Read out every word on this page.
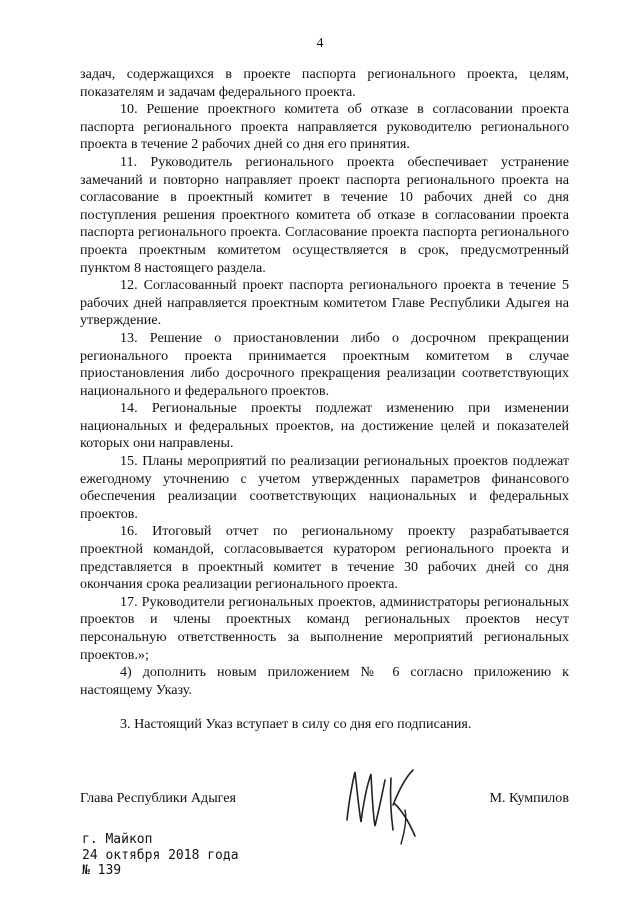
4

задач, содержащихся в проекте паспорта регионального проекта, целям, показателям и задачам федерального проекта.

10. Решение проектного комитета об отказе в согласовании проекта паспорта регионального проекта направляется руководителю регионального проекта в течение 2 рабочих дней со дня его принятия.

11. Руководитель регионального проекта обеспечивает устранение замечаний и повторно направляет проект паспорта регионального проекта на согласование в проектный комитет в течение 10 рабочих дней со дня поступления решения проектного комитета об отказе в согласовании проекта паспорта регионального проекта. Согласование проекта паспорта регионального проекта проектным комитетом осуществляется в срок, предусмотренный пунктом 8 настоящего раздела.

12. Согласованный проект паспорта регионального проекта в течение 5 рабочих дней направляется проектным комитетом Главе Республики Адыгея на утверждение.

13. Решение о приостановлении либо о досрочном прекращении регионального проекта принимается проектным комитетом в случае приостановления либо досрочного прекращения реализации соответствующих национального и федерального проектов.

14. Региональные проекты подлежат изменению при изменении национальных и федеральных проектов, на достижение целей и показателей которых они направлены.

15. Планы мероприятий по реализации региональных проектов подлежат ежегодному уточнению с учетом утвержденных параметров финансового обеспечения реализации соответствующих национальных и федеральных проектов.

16. Итоговый отчет по региональному проекту разрабатывается проектной командой, согласовывается куратором регионального проекта и представляется в проектный комитет в течение 30 рабочих дней со дня окончания срока реализации регионального проекта.

17. Руководители региональных проектов, администраторы региональных проектов и члены проектных команд региональных проектов несут персональную ответственность за выполнение мероприятий региональных проектов.»;

4) дополнить новым приложением № 6 согласно приложению к настоящему Указу.

3. Настоящий Указ вступает в силу со дня его подписания.

Глава Республики Адыгея	М. Кумпилов
г. Майкоп
24 октября 2018 года
№ 139
